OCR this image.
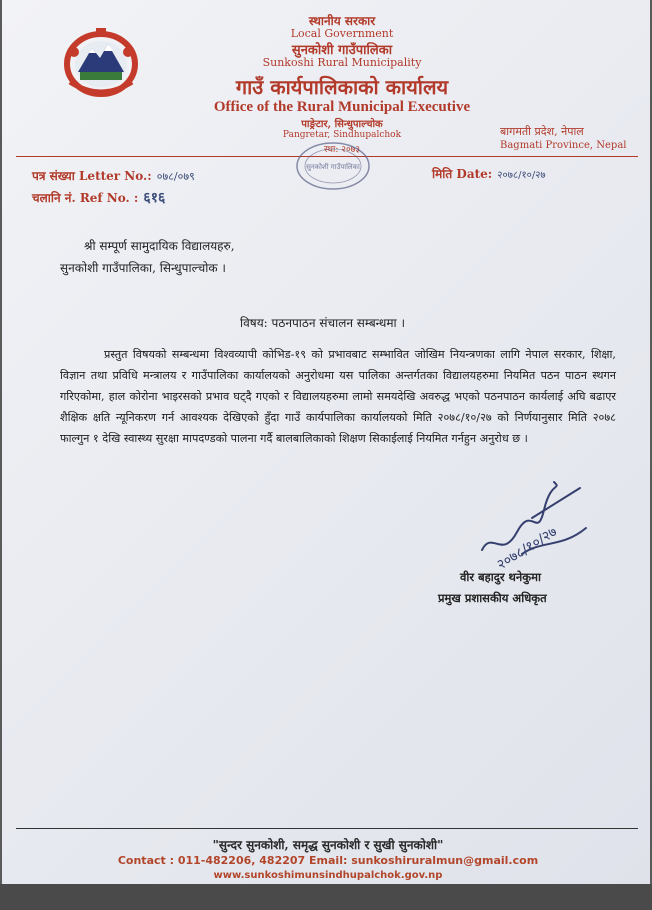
स्थानीय सरकार
Local Government
सुनकोशी गाउँपालिका
Sunkoshi Rural Municipality
गाउँ कार्यपालिकाको कार्यालय
Office of the Rural Municipal Executive
पाङ्रेटार, सिन्धुपाल्चोक
Pangretar, Sindhupalchok
स्था: २०७३
बागमती प्रदेश, नेपाल
Bagmati Province, Nepal
सुनकोशी गाउँपालिका
पत्र संख्या Letter No.: ०७८/०७९
चलानि नं. Ref No. : ६१६
मिति Date: २०७८/१०/२७
श्री सम्पूर्ण सामुदायिक विद्यालयहरु,
सुनकोशी गाउँपालिका, सिन्धुपाल्चोक ।
विषय: पठनपाठन संचालन सम्बन्धमा ।

प्रस्तुत विषयको सम्बन्धमा विश्वव्यापी कोभिड-१९ को प्रभावबाट सम्भावित जोखिम नियन्त्रणका लागि नेपाल सरकार, शिक्षा, विज्ञान तथा प्रविधि मन्त्रालय र गाउँपालिका कार्यालयको अनुरोधमा यस पालिका अन्तर्गतका विद्यालयहरुमा नियमित पठन पाठन स्थगन गरिएकोमा, हाल कोरोना भाइरसको प्रभाव घट्दै गएको र विद्यालयहरुमा लामो समयदेखि अवरुद्ध भएको पठनपाठन कार्यलाई अघि बढाएर शैक्षिक क्षति न्यूनिकरण गर्न आवश्यक देखिएको हुँदा गाउँ कार्यपालिका कार्यालयको मिति २०७८/१०/२७ को निर्णयानुसार मिति २०७८ फाल्गुन १ देखि स्वास्थ्य सुरक्षा मापदण्डको पालना गर्दै बालबालिकाको शिक्षण सिकाईलाई नियमित गर्नहुन अनुरोध छ ।

२०७८/१०/२७
वीर बहादुर थनेकुमा
प्रमुख प्रशासकीय अधिकृत
"सुन्दर सुनकोशी, समृद्ध सुनकोशी र सुखी सुनकोशी"
Contact : 011-482206, 482207 Email: sunkoshiruralmun@gmail.com
www.sunkoshimunsindhupalchok.gov.np
